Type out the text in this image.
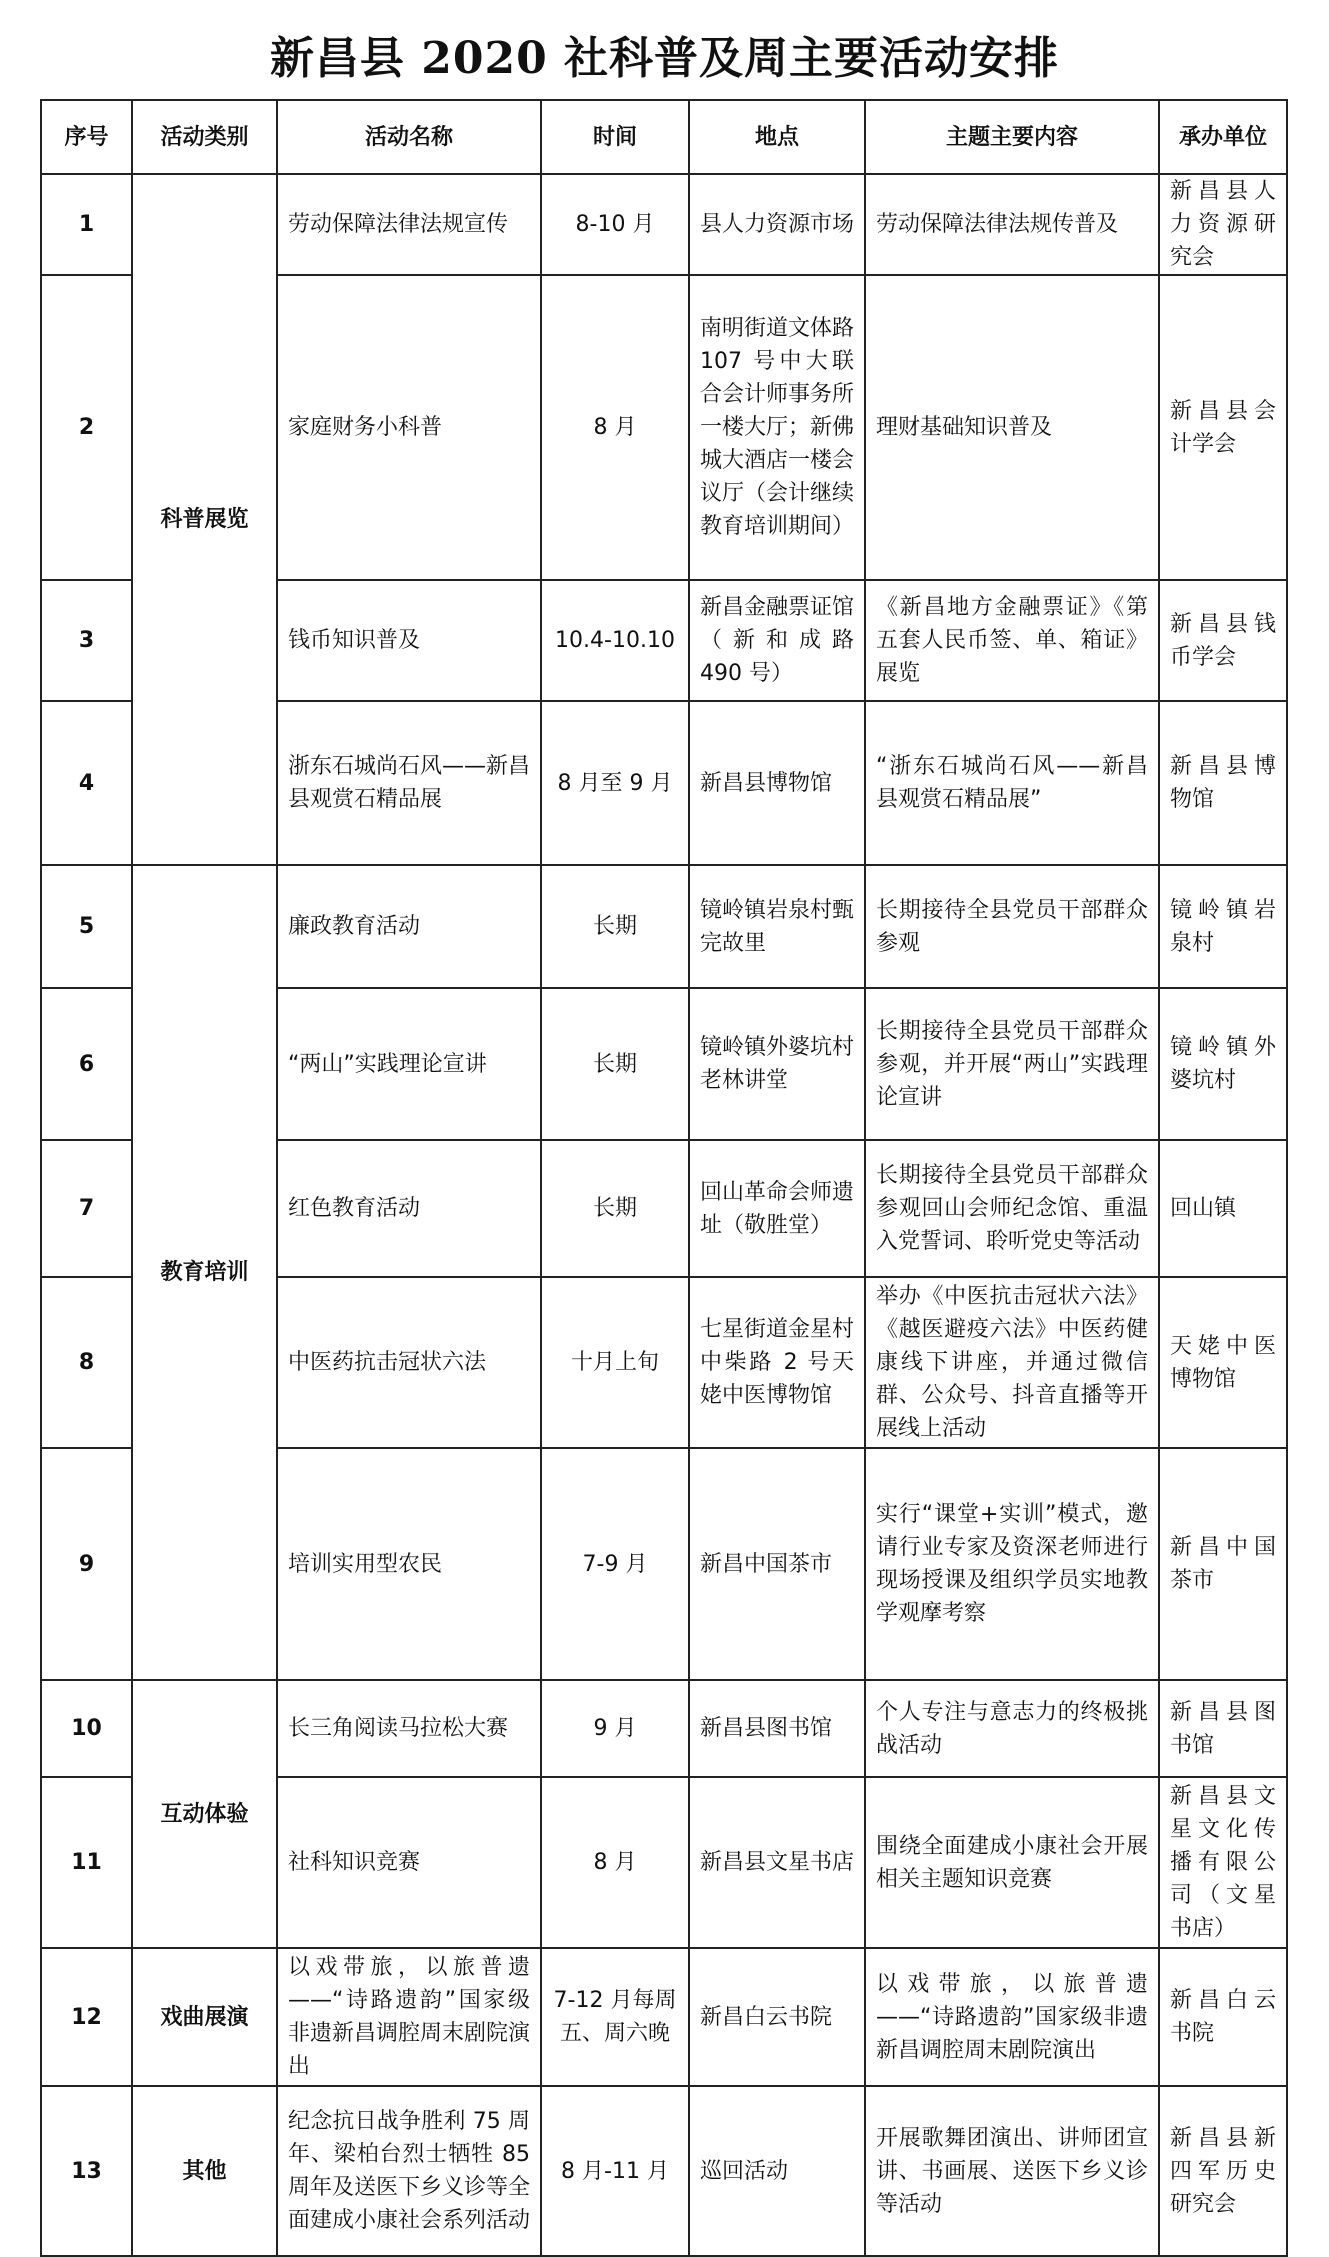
新昌县 2020 社科普及周主要活动安排
序号	活动类别	活动名称	时间	地点	主题主要内容	承办单位
1	科普展览	劳动保障法律法规宣传	8-10 月	县人力资源市场	劳动保障法律法规传普及	新昌县人力资源研究会
2		家庭财务小科普	8 月	南明街道文体路 107 号中大联合会计师事务所一楼大厅；新佛城大酒店一楼会议厅（会计继续教育培训期间）	理财基础知识普及	新昌县会计学会
3		钱币知识普及	10.4-10.10	新昌金融票证馆（新和成路 490 号）	《新昌地方金融票证》《第五套人民币签、单、箱证》展览	新昌县钱币学会
4		浙东石城尚石风——新昌县观赏石精品展	8 月至 9 月	新昌县博物馆	“浙东石城尚石风——新昌县观赏石精品展”	新昌县博物馆
5	教育培训	廉政教育活动	长期	镜岭镇岩泉村甄完故里	长期接待全县党员干部群众参观	镜岭镇岩泉村
6		“两山”实践理论宣讲	长期	镜岭镇外婆坑村老林讲堂	长期接待全县党员干部群众参观，并开展“两山”实践理论宣讲	镜岭镇外婆坑村
7		红色教育活动	长期	回山革命会师遗址（敬胜堂）	长期接待全县党员干部群众参观回山会师纪念馆、重温入党誓词、聆听党史等活动	回山镇
8		中医药抗击冠状六法	十月上旬	七星街道金星村中柴路 2 号天姥中医博物馆	举办《中医抗击冠状六法》《越医避疫六法》中医药健康线下讲座，并通过微信群、公众号、抖音直播等开展线上活动	天姥中医博物馆
9		培训实用型农民	7-9 月	新昌中国茶市	实行“课堂+实训”模式，邀请行业专家及资深老师进行现场授课及组织学员实地教学观摩考察	新昌中国茶市
10	互动体验	长三角阅读马拉松大赛	9 月	新昌县图书馆	个人专注与意志力的终极挑战活动	新昌县图书馆
11		社科知识竞赛	8 月	新昌县文星书店	围绕全面建成小康社会开展相关主题知识竞赛	新昌县文星文化传播有限公司（文星书店）
12	戏曲展演	以戏带旅，以旅普遗——“诗路遗韵”国家级非遗新昌调腔周末剧院演出	7-12 月每周五、周六晚	新昌白云书院	以戏带旅，以旅普遗——“诗路遗韵”国家级非遗新昌调腔周末剧院演出	新昌白云书院
13	其他	纪念抗日战争胜利 75 周年、梁柏台烈士牺牲 85 周年及送医下乡义诊等全面建成小康社会系列活动	8 月-11 月	巡回活动	开展歌舞团演出、讲师团宣讲、书画展、送医下乡义诊等活动	新昌县新四军历史研究会
